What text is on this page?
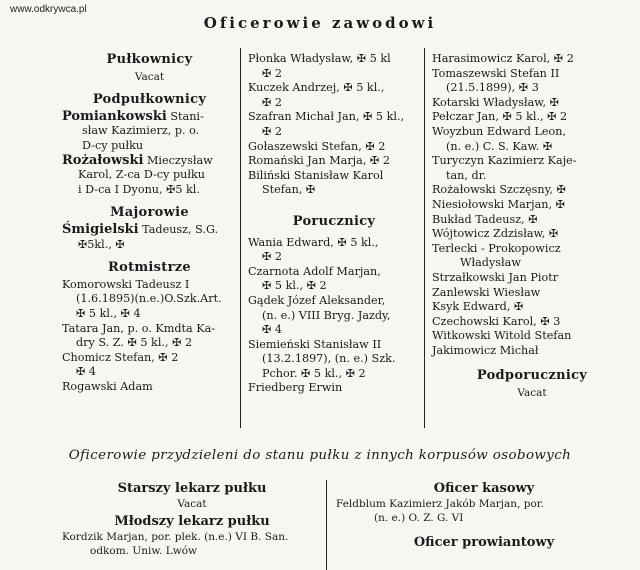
www.odkrywca.pl
Oficerowie zawodowi
Pułkownicy
Vacat
Podpułkownicy
Pomiankowski Stani-
sław Kazimierz, p. o.
D-cy pułku
Rożałowski Mieczysław
Karol, Z-ca D-cy pułku
i D-ca I Dyonu, ✠5 kl.
Majorowie
Śmigielski Tadeusz, S.G.
✠5kl., ✠
Rotmistrze
Komorowski Tadeusz I
(1.6.1895)(n.e.)O.Szk.Art.
✠ 5 kl., ✠ 4
Tatara Jan, p. o. Kmdta Ka-
dry S. Z. ✠ 5 kl., ✠ 2
Chomicz Stefan, ✠ 2
✠ 4
Rogawski Adam
Płonka Władysław, ✠ 5 kl
✠ 2
Kuczek Andrzej, ✠ 5 kl.,
✠ 2
Szafran Michał Jan, ✠ 5 kl.,
✠ 2
Gołaszewski Stefan, ✠ 2
Romański Jan Marja, ✠ 2
Biliński Stanisław Karol
Stefan, ✠
Porucznicy
Wania Edward, ✠ 5 kl.,
✠ 2
Czarnota Adolf Marjan,
✠ 5 kl., ✠ 2
Gądek Józef Aleksander,
(n. e.) VIII Bryg. Jazdy,
✠ 4
Siemieński Stanisław II
(13.2.1897), (n. e.) Szk.
Pchor. ✠ 5 kl., ✠ 2
Friedberg Erwin
Harasimowicz Karol, ✠ 2
Tomaszewski Stefan II
(21.5.1899), ✠ 3
Kotarski Władysław, ✠
Pełczar Jan, ✠ 5 kl., ✠ 2
Woyzbun Edward Leon,
(n. e.) C. S. Kaw. ✠
Turyczyn Kazimierz Kaje-
tan, dr.
Rożałowski Szczęsny, ✠
Niesiołowski Marjan, ✠
Bukład Tadeusz, ✠
Wójtowicz Zdzisław, ✠
Terlecki - Prokopowicz
Władysław
Strzałkowski Jan Piotr
Zanlewski Wiesław
Ksyk Edward, ✠
Czechowski Karol, ✠ 3
Witkowski Witold Stefan
Jakimowicz Michał
Podporucznicy
Vacat
Oficerowie przydzieleni do stanu pułku z innych korpusów osobowych
Starszy lekarz pułku
Vacat
Młodszy lekarz pułku
Kordzik Marjan, por. plek. (n.e.) VI B. San.
odkom. Uniw. Lwów
Oficer kasowy
Feldblum Kazimierz Jakób Marjan, por.
(n. e.) O. Z. G. VI
Oficer prowiantowy
